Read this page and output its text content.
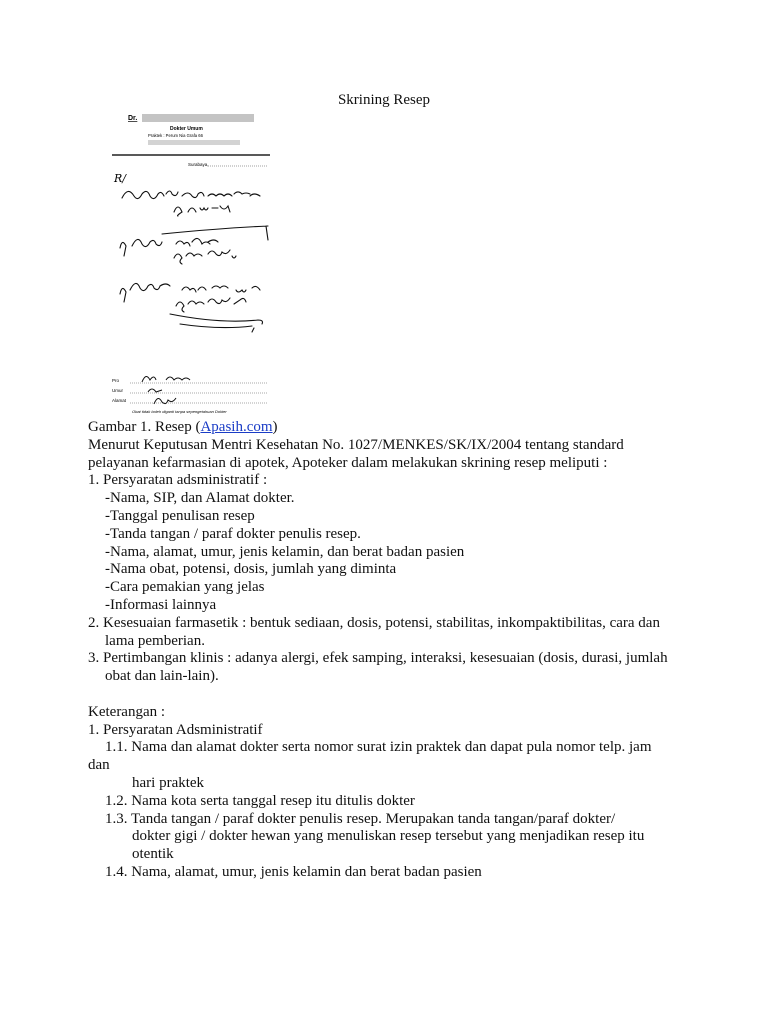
Skrining Resep
Dr.
Dokter Umum
Praktek : Perum Nia Grafa 66
Surabaya,
R/
Pro
Umur
Alamat
Obat tidak boleh diganti tanpa sepengetahuan Dokter

Gambar 1. Resep (Apasih.com)

Menurut Keputusan Mentri Kesehatan No. 1027/MENKES/SK/IX/2004 tentang standard pelayanan kefarmasian di apotek, Apoteker dalam melakukan skrining resep meliputi :

1. Persyaratan adsministratif :

-Nama, SIP, dan Alamat dokter.

-Tanggal penulisan resep

-Tanda tangan / paraf dokter penulis resep.

-Nama, alamat, umur, jenis kelamin, dan berat badan pasien

-Nama obat, potensi, dosis, jumlah yang diminta

-Cara pemakian yang jelas

-Informasi lainnya

2. Kesesuaian farmasetik : bentuk sediaan, dosis, potensi, stabilitas, inkompaktibilitas, cara dan

lama pemberian.

3. Pertimbangan klinis : adanya alergi, efek samping, interaksi, kesesuaian (dosis, durasi, jumlah

obat dan lain-lain).

Keterangan :

1. Persyaratan Adsministratif

1.1. Nama dan alamat dokter serta nomor surat izin praktek dan dapat pula nomor telp. jam

dan

hari praktek

1.2. Nama kota serta tanggal resep itu ditulis dokter

1.3. Tanda tangan / paraf dokter penulis resep. Merupakan tanda tangan/paraf dokter/

dokter gigi / dokter hewan yang menuliskan resep tersebut yang menjadikan resep itu

otentik

1.4. Nama, alamat, umur, jenis kelamin dan berat badan pasien
